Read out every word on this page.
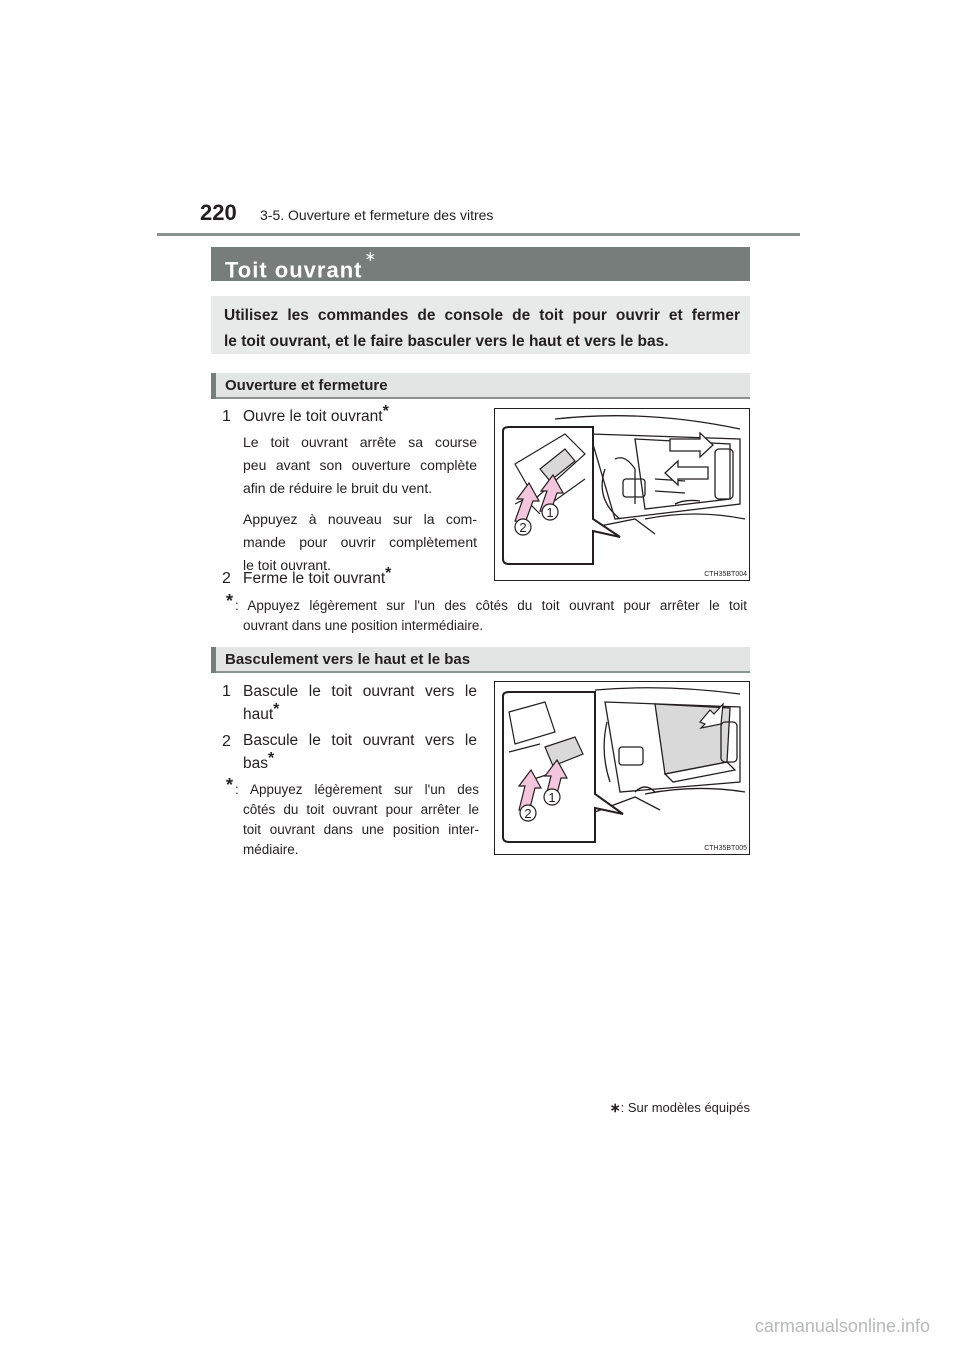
220 3-5. Ouverture et fermeture des vitres
Toit ouvrant∗
Utilisez les commandes de console de toit pour ouvrir et fermer
le toit ouvrant, et le faire basculer vers le haut et vers le bas.
Ouverture et fermeture
1 Ouvre le toit ouvrant*
Le toit ouvrant arrête sa course
peu avant son ouverture complète
afin de réduire le bruit du vent.
Appuyez à nouveau sur la com-
mande pour ouvrir complètement
le toit ouvrant.
2 Ferme le toit ouvrant*
* : Appuyez légèrement sur l'un des côtés du toit ouvrant pour arrêter le toit
ouvrant dans une position intermédiaire.
1
2
CTH35BT004
Basculement vers le haut et le bas
1 Bascule le toit ouvrant vers le
haut*
2 Bascule le toit ouvrant vers le
bas*
* : Appuyez légèrement sur l'un des
côtés du toit ouvrant pour arrêter le
toit ouvrant dans une position inter-
médiaire.
1
2
CTH35BT005
∗: Sur modèles équipés
carmanualsonline.info
